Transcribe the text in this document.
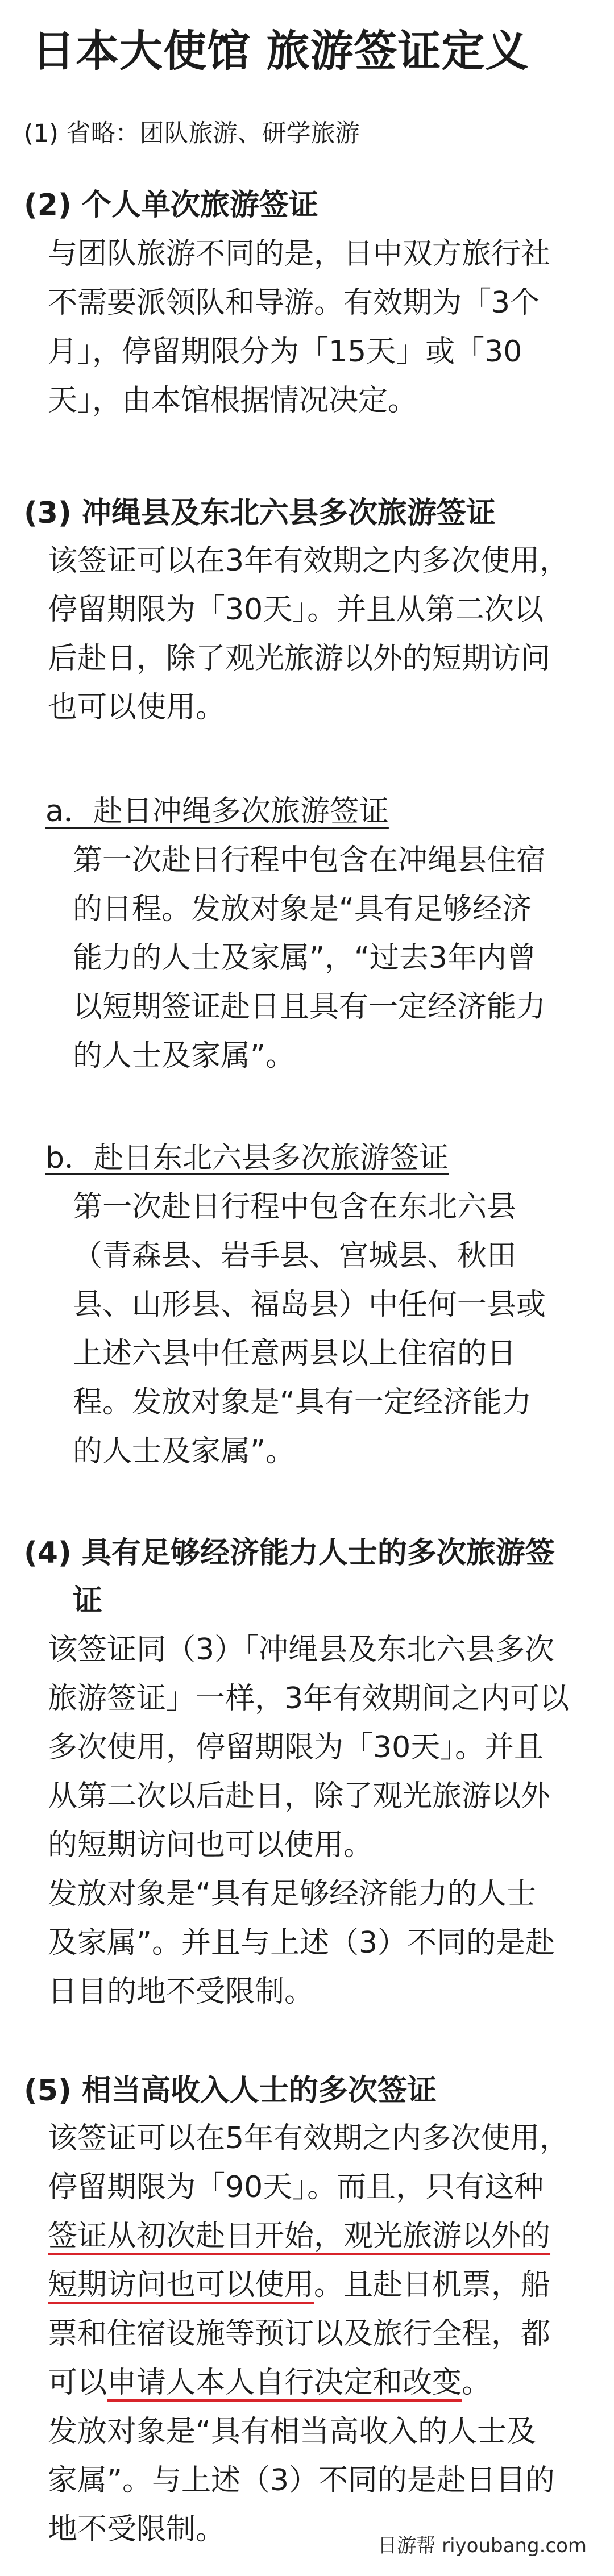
日本大使馆 旅游签证定义
(1) 省略：团队旅游、研学旅游
(2) 个人单次旅游签证
与团队旅游不同的是，日中双方旅行社
不需要派领队和导游。有效期为「3个
月」，停留期限分为「15天」或「30
天」，由本馆根据情况决定。
(3) 冲绳县及东北六县多次旅游签证
该签证可以在3年有效期之内多次使用，
停留期限为「30天」。并且从第二次以
后赴日，除了观光旅游以外的短期访问
也可以使用。
a．赴日冲绳多次旅游签证
第一次赴日行程中包含在冲绳县住宿
的日程。发放对象是“具有足够经济
能力的人士及家属”，“过去3年内曾
以短期签证赴日且具有一定经济能力
的人士及家属”。
b．赴日东北六县多次旅游签证
第一次赴日行程中包含在东北六县
（青森县、岩手县、宫城县、秋田
县、山形县、福岛县）中任何一县或
上述六县中任意两县以上住宿的日
程。发放对象是“具有一定经济能力
的人士及家属”。
(4) 具有足够经济能力人士的多次旅游签
证
该签证同（3）「冲绳县及东北六县多次
旅游签证」一样，3年有效期间之内可以
多次使用，停留期限为「30天」。并且
从第二次以后赴日，除了观光旅游以外
的短期访问也可以使用。
发放对象是“具有足够经济能力的人士
及家属”。并且与上述（3）不同的是赴
日目的地不受限制。
(5) 相当高收入人士的多次签证
该签证可以在5年有效期之内多次使用，
停留期限为「90天」。而且，只有这种
签证从初次赴日开始，观光旅游以外的
短期访问也可以使用。且赴日机票，船
票和住宿设施等预订以及旅行全程，都
可以申请人本人自行决定和改变。
发放对象是“具有相当高收入的人士及
家属”。与上述（3）不同的是赴日目的
地不受限制。	日游帮 riyoubang.com
